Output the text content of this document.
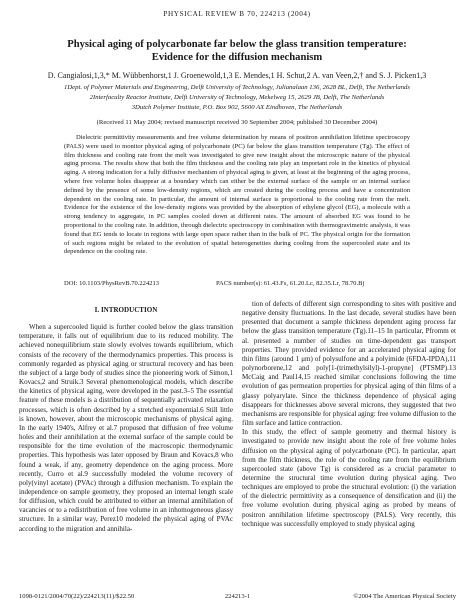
PHYSICAL REVIEW B 70, 224213 (2004)
Physical aging of polycarbonate far below the glass transition temperature:
Evidence for the diffusion mechanism
D. Cangialosi,1,3,* M. Wübbenhorst,1 J. Groenewold,1,3 E. Mendes,1 H. Schut,2 A. van Veen,2,† and S. J. Picken1,3
1Dept. of Polymer Materials and Engineering, Delft University of Technology, Julianalaan 136, 2628 BL, Delft, The Netherlands
2Interfaculty Reactor Institute, Delft University of Technology, Mekelweg 15, 2629 JB, Delft, The Netherlands
3Dutch Polymer Institute, P.O. Box 902, 5600 AX Eindhoven, The Netherlands
(Received 11 May 2004; revised manuscript received 30 September 2004; published 30 December 2004)
Dielectric permittivity measurements and free volume determination by means of positron annihilation lifetime spectroscopy (PALS) were used to monitor physical aging of polycarbonate (PC) far below the glass transition temperature (Tg). The effect of film thickness and cooling rate from the melt was investigated to give new insight about the microscopic nature of the physical aging process. The results show that both the film thickness and the cooling rate play an important role in the kinetics of physical aging. A strong indication for a fully diffusive mechanism of physical aging is given, at least at the beginning of the aging process, where free volume holes disappear at a boundary which can either be the external surface of the sample or an internal surface defined by the presence of some low-density regions, which are created during the cooling process and have a concentration dependent on the cooling rate. In particular, the amount of internal surface is proportional to the cooling rate from the melt. Evidence for the existence of the low-density regions was provided by the absorption of ethylene glycol (EG), a molecule with a strong tendency to aggregate, in PC samples cooled down at different rates. The amount of absorbed EG was found to be proportional to the cooling rate. In addition, through dielectric spectroscopy in combination with thermogravimetric analysis, it was found that EG tends to locate in regions with large open space rather than in the bulk of PC. The physical origin for the formation of such regions might be related to the evolution of spatial heterogeneities during cooling from the supercooled state and its dependence on the cooling rate.
DOI: 10.1103/PhysRevB.70.224213	PACS number(s): 61.43.Fs, 61.20.Lc, 82.35.Lr, 78.70.Bj
I. INTRODUCTION

When a supercooled liquid is further cooled below the glass transition temperature, it falls out of equilibrium due to its reduced mobility. The achieved nonequilibrium state slowly evolves towards equilibrium, which consists of the recovery of the thermodynamics properties. This process is commonly regarded as physical aging or structural recovery and has been the subject of a large body of studies since the pioneering work of Simon,1 Kovacs,2 and Struik.3 Several phenomenological models, which describe the kinetics of physical aging, were developed in the past.3–5 The essential feature of these models is a distribution of sequentially activated relaxation processes, which is often described by a stretched exponential.6 Still little is known, however, about the microscopic mechanisms of physical aging. In the early 1940's, Alfrey et al.7 proposed that diffusion of free volume holes and their annihilation at the external surface of the sample could be responsible for the time evolution of the macroscopic thermodynamic properties. This hypothesis was later opposed by Braun and Kovacs,8 who found a weak, if any, geometry dependence on the aging process. More recently, Curro et al.9 successfully modeled the volume recovery of poly(vinyl acetate) (PVAc) through a diffusion mechanism. To explain the independence on sample geometry, they proposed an internal length scale for diffusion, which could be attributed to either an internal annihilation of vacancies or to a redistribution of free volume in an inhomogeneous glassy structure. In a similar way, Perez10 modeled the physical aging of PVAc according to the migration and annihila-

tion of defects of different sign corresponding to sites with positive and negative density fluctuations. In the last decade, several studies have been presented that document a sample thickness dependent aging process far below the glass transition temperature (Tg).11–15 In particular, Pfromm et al. presented a number of studies on time-dependent gas transport properties. They provided evidence for an accelerated physical aging for thin films (around 1 μm) of polysulfone and a polyimide (6FDA-IPDA),11 polynorborene,12 and poly[1-(trimethylsilyl)-1-propyne] (PTSMP).13 McCaig and Paul14,15 reached similar conclusions following the time evolution of gas permeation properties for physical aging of thin films of a glassy polyarylate. Since the thickness dependence of physical aging disappears for thicknesses above several microns, they suggested that two mechanisms are responsible for physical aging: free volume diffusion to the film surface and lattice contraction.
In this study, the effect of sample geometry and thermal history is investigated to provide new insight about the role of free volume holes diffusion on the physical aging of polycarbonate (PC). In particular, apart from the film thickness, the role of the cooling rate from the equilibrium supercooled state (above Tg) is considered as a crucial parameter to determine the structural time evolution during physical aging. Two techniques are employed to probe the structural evolution: (i) the variation of the dielectric permittivity as a consequence of densification and (ii) the free volume evolution during physical aging as probed by means of positron annihilation lifetime spectroscopy (PALS). Very recently, this technique was successfully employed to study physical aging

1098-0121/2004/70(22)/224213(11)/$22.50	224213-1	©2004 The American Physical Society
